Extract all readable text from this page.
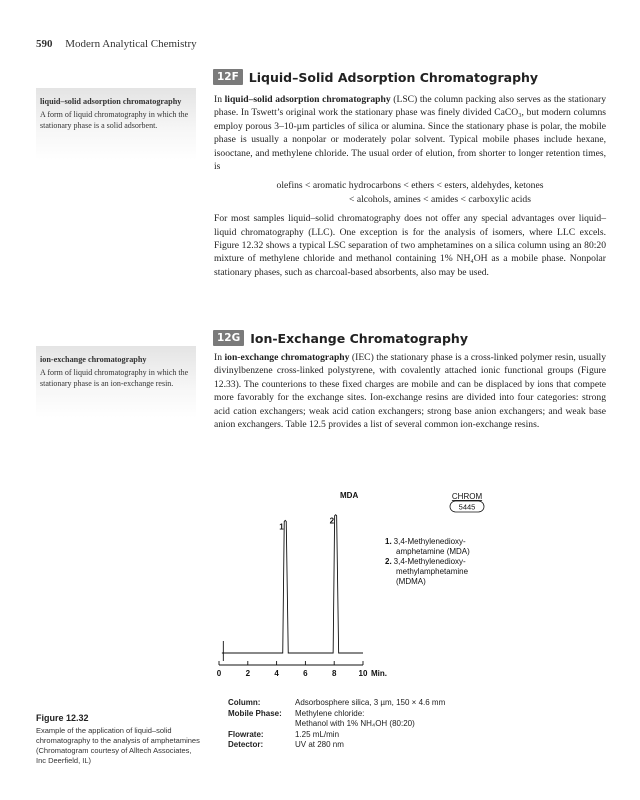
590 Modern Analytical Chemistry
12F Liquid–Solid Adsorption Chromatography
liquid–solid adsorption chromatography
A form of liquid chromatography in which the stationary phase is a solid adsorbent.

In liquid–solid adsorption chromatography (LSC) the column packing also serves as the stationary phase. In Tswett’s original work the stationary phase was finely divided CaCO₃, but modern columns employ porous 3–10-µm particles of silica or alumina. Since the stationary phase is polar, the mobile phase is usually a nonpolar or moderately polar solvent. Typical mobile phases include hexane, isooctane, and methylene chloride. The usual order of elution, from shorter to longer retention times, is

olefins < aromatic hydrocarbons < ethers < esters, aldehydes, ketones
< alcohols, amines < amides < carboxylic acids

For most samples liquid–solid chromatography does not offer any special advantages over liquid–liquid chromatography (LLC). One exception is for the analysis of isomers, where LLC excels. Figure 12.32 shows a typical LSC separation of two amphetamines on a silica column using an 80:20 mixture of methylene chloride and methanol containing 1% NH₄OH as a mobile phase. Nonpolar stationary phases, such as charcoal-based absorbents, also may be used.

12G Ion-Exchange Chromatography
ion-exchange chromatography
A form of liquid chromatography in which the stationary phase is an ion-exchange resin.

In ion-exchange chromatography (IEC) the stationary phase is a cross-linked polymer resin, usually divinylbenzene cross-linked polystyrene, with covalently attached ionic functional groups (Figure 12.33). The counterions to these fixed charges are mobile and can be displaced by ions that compete more favorably for the exchange sites. Ion-exchange resins are divided into four categories: strong acid cation exchangers; weak acid cation exchangers; strong base anion exchangers; and weak base anion exchangers. Table 12.5 provides a list of several common ion-exchange resins.

MDA	CHROM
5445
0	2	4	6	8	10
1
2
Min.
1. 3,4-Methylenedioxy-
amphetamine (MDA)
2. 3,4-Methylenedioxy-
methylamphetamine
(MDMA)
Column:	Adsorbosphere silica, 3 µm, 150 × 4.6 mm
Mobile Phase: Methylene chloride:
Methanol with 1% NH₄OH (80:20)
Flowrate:	1.25 mL/min
Detector:	UV at 280 nm
Figure 12.32
Example of the application of liquid–solid chromatography to the analysis of amphetamines (Chromatogram courtesy of Alltech Associates, Inc Deerfield, IL)
